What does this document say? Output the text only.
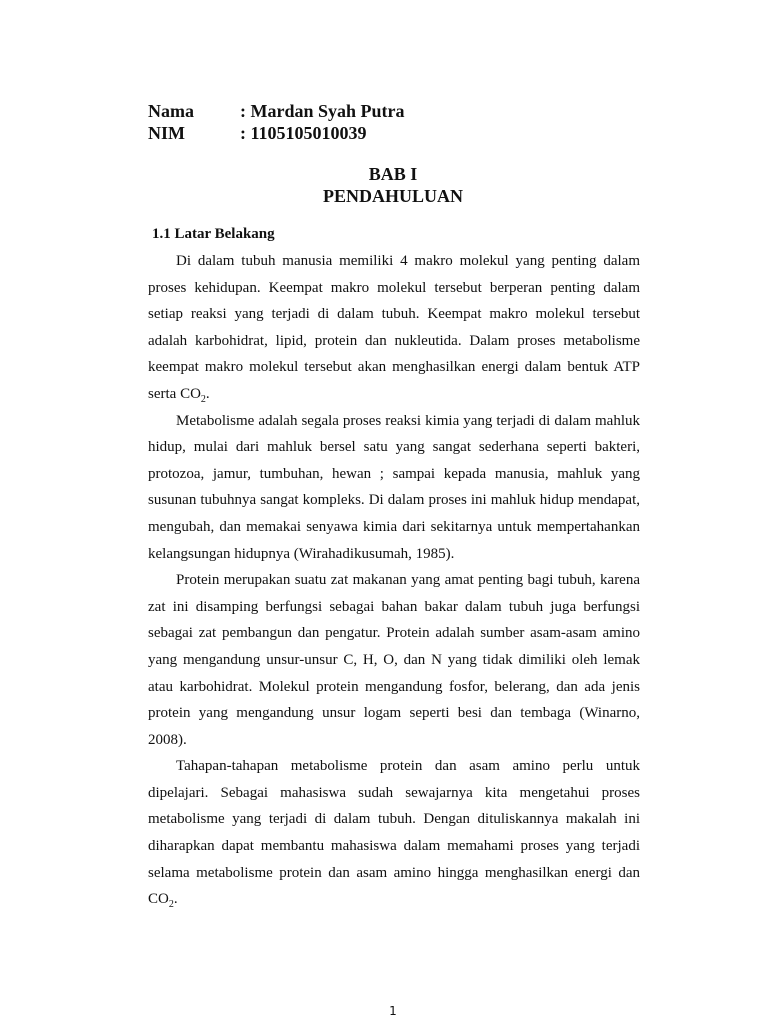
Nama	: Mardan Syah Putra
NIM	: 1105105010039
BAB I
PENDAHULUAN
1.1 Latar Belakang

Di dalam tubuh manusia memiliki 4 makro molekul yang penting dalam proses kehidupan. Keempat makro molekul tersebut berperan penting dalam setiap reaksi yang terjadi di dalam tubuh. Keempat makro molekul tersebut adalah karbohidrat, lipid, protein dan nukleutida. Dalam proses metabolisme keempat makro molekul tersebut akan menghasilkan energi dalam bentuk ATP serta $CO_2$.

Metabolisme adalah segala proses reaksi kimia yang terjadi di dalam mahluk hidup, mulai dari mahluk bersel satu yang sangat sederhana seperti bakteri, protozoa, jamur, tumbuhan, hewan ; sampai kepada manusia, mahluk yang susunan tubuhnya sangat kompleks. Di dalam proses ini mahluk hidup mendapat, mengubah, dan memakai senyawa kimia dari sekitarnya untuk mempertahankan kelangsungan hidupnya (Wirahadikusumah, 1985).

Protein merupakan suatu zat makanan yang amat penting bagi tubuh, karena zat ini disamping berfungsi sebagai bahan bakar dalam tubuh juga berfungsi sebagai zat pembangun dan pengatur. Protein adalah sumber asam-asam amino yang mengandung unsur-unsur C, H, O, dan N yang tidak dimiliki oleh lemak atau karbohidrat. Molekul protein mengandung fosfor, belerang, dan ada jenis protein yang mengandung unsur logam seperti besi dan tembaga (Winarno, 2008).

Tahapan-tahapan metabolisme protein dan asam amino perlu untuk dipelajari. Sebagai mahasiswa sudah sewajarnya kita mengetahui proses metabolisme yang terjadi di dalam tubuh. Dengan dituliskannya makalah ini diharapkan dapat membantu mahasiswa dalam memahami proses yang terjadi selama metabolisme protein dan asam amino hingga menghasilkan energi dan $CO_2$.

1
